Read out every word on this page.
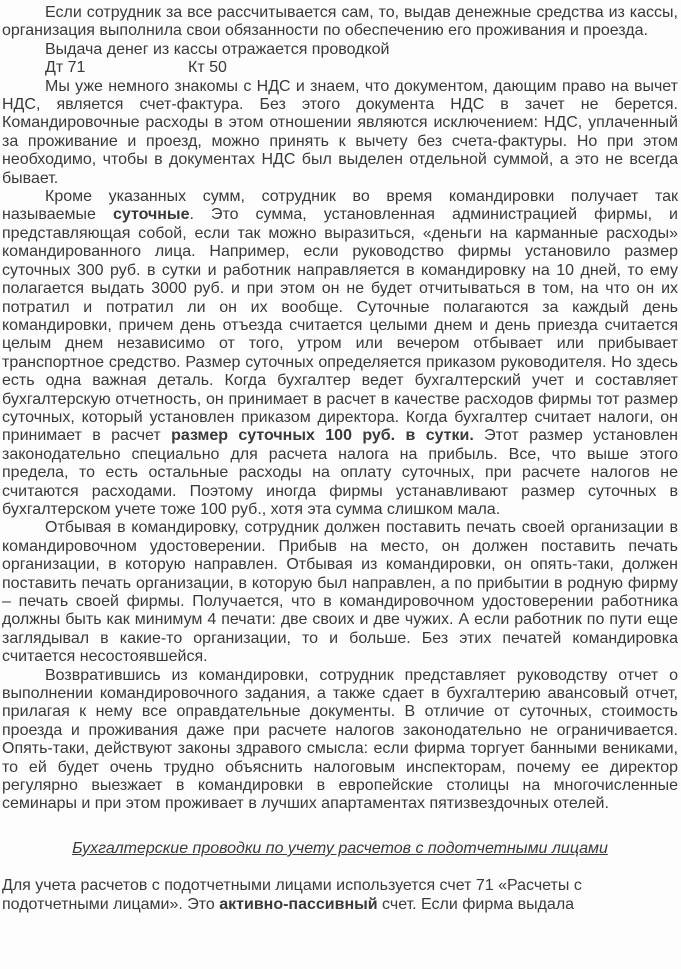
Если сотрудник за все рассчитывается сам, то, выдав денежные средства из кассы, организация выполнила свои обязанности по обеспечению его проживания и проезда.

Выдача денег из кассы отражается проводкой

Дт 71	Кт 50

Мы уже немного знакомы с НДС и знаем, что документом, дающим право на вычет НДС, является счет-фактура. Без этого документа НДС в зачет не берется. Командировочные расходы в этом отношении являются исключением: НДС, уплаченный за проживание и проезд, можно принять к вычету без счета-фактуры. Но при этом необходимо, чтобы в документах НДС был выделен отдельной суммой, а это не всегда бывает.

Кроме указанных сумм, сотрудник во время командировки получает так называемые суточные. Это сумма, установленная администрацией фирмы, и представляющая собой, если так можно выразиться, «деньги на карманные расходы» командированного лица. Например, если руководство фирмы установило размер суточных 300 руб. в сутки и работник направляется в командировку на 10 дней, то ему полагается выдать 3000 руб. и при этом он не будет отчитываться в том, на что он их потратил и потратил ли он их вообще. Суточные полагаются за каждый день командировки, причем день отъезда считается целыми днем и день приезда считается целым днем независимо от того, утром или вечером отбывает или прибывает транспортное средство. Размер суточных определяется приказом руководителя. Но здесь есть одна важная деталь. Когда бухгалтер ведет бухгалтерский учет и составляет бухгалтерскую отчетность, он принимает в расчет в качестве расходов фирмы тот размер суточных, который установлен приказом директора. Когда бухгалтер считает налоги, он принимает в расчет размер суточных 100 руб. в сутки. Этот размер установлен законодательно специально для расчета налога на прибыль. Все, что выше этого предела, то есть остальные расходы на оплату суточных, при расчете налогов не считаются расходами. Поэтому иногда фирмы устанавливают размер суточных в бухгалтерском учете тоже 100 руб., хотя эта сумма слишком мала.

Отбывая в командировку, сотрудник должен поставить печать своей организации в командировочном удостоверении. Прибыв на место, он должен поставить печать организации, в которую направлен. Отбывая из командировки, он опять-таки, должен поставить печать организации, в которую был направлен, а по прибытии в родную фирму – печать своей фирмы. Получается, что в командировочном удостоверении работника должны быть как минимум 4 печати: две своих и две чужих. А если работник по пути еще заглядывал в какие-то организации, то и больше. Без этих печатей командировка считается несостоявшейся.

Возвратившись из командировки, сотрудник представляет руководству отчет о выполнении командировочного задания, а также сдает в бухгалтерию авансовый отчет, прилагая к нему все оправдательные документы. В отличие от суточных, стоимость проезда и проживания даже при расчете налогов законодательно не ограничивается. Опять-таки, действуют законы здравого смысла: если фирма торгует банными вениками, то ей будет очень трудно объяснить налоговым инспекторам, почему ее директор регулярно выезжает в командировки в европейские столицы на многочисленные семинары и при этом проживает в лучших апартаментах пятизвездочных отелей.

Бухгалтерские проводки по учету расчетов с подотчетными лицами

Для учета расчетов с подотчетными лицами используется счет 71 «Расчеты с подотчетными лицами». Это активно-пассивный счет. Если фирма выдала
